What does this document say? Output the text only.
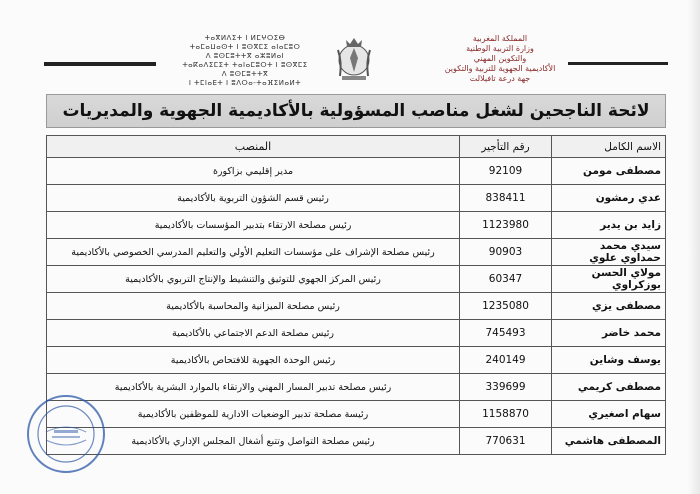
ⵜⴰⴳⵍⴷⵉⵜ ⵏ ⵍⵎⵖⵔⵉⴱ
ⵜⴰⵎⴰⵡⴰⵙⵜ ⵏ ⵓⵙⴳⵎⵉ ⴰⵏⴰⵎⵓⵔ
ⴷ ⵓⵙⵎⵓⵜⵜⴳ ⴰⵣⵓⵍⴰⵏ
ⵜⴰⴽⴰⴷⵉⵎⵉⵜ ⵜⴰⵏⴰⵎⵓⵔⵜ ⵏ ⵓⵙⴳⵎⵉ
ⴷ ⵓⵙⵎⵓⵜⵜⴳ
ⵏ ⵜⵎⵏⴰⴹⵜ ⵏ ⵓⴷⵔⴰ-ⵜⴰⴼⵉⵍⴰⵍⵜ
المملكة المغربية
وزارة التربية الوطنية
والتكوين المهني
الأكاديمية الجهوية للتربية والتكوين
جهة درعة تافيلالت
لائحة الناجحين لشغل مناصب المسؤولية بالأكاديمية الجهوية والمديريات
الاسم الكامل	رقم التأجير	المنصب
مصطفى مومن	92109	مدير إقليمي بزاكورة
عدي رمشون	838411	رئيس قسم الشؤون التربوية بالأكاديمية
زايد بن يدير	1123980	رئيس مصلحة الارتقاء بتدبير المؤسسات بالأكاديمية
سيدي محمد حمداوي علوي	90903	رئيس مصلحة الإشراف على مؤسسات التعليم الأولي والتعليم المدرسي الخصوصي بالأكاديمية
مولاي الحسن بوزكراوي	60347	رئيس المركز الجهوي للتوثيق والتنشيط والإنتاج التربوي بالأكاديمية
مصطفى يزي	1235080	رئيس مصلحة الميزانية والمحاسبة بالأكاديمية
محمد خاضر	745493	رئيس مصلحة الدعم الاجتماعي بالأكاديمية
يوسف وشاين	240149	رئيس الوحدة الجهوية للافتحاص بالأكاديمية
مصطفى كريمي	339699	رئيس مصلحة تدبير المسار المهني والارتقاء بالموارد البشرية بالأكاديمية
سهام اصغيري	1158870	رئيسة مصلحة تدبير الوضعيات الادارية للموظفين بالأكاديمية
المصطفى هاشمي	770631	رئيس مصلحة التواصل وتتبع أشغال المجلس الإداري بالأكاديمية
